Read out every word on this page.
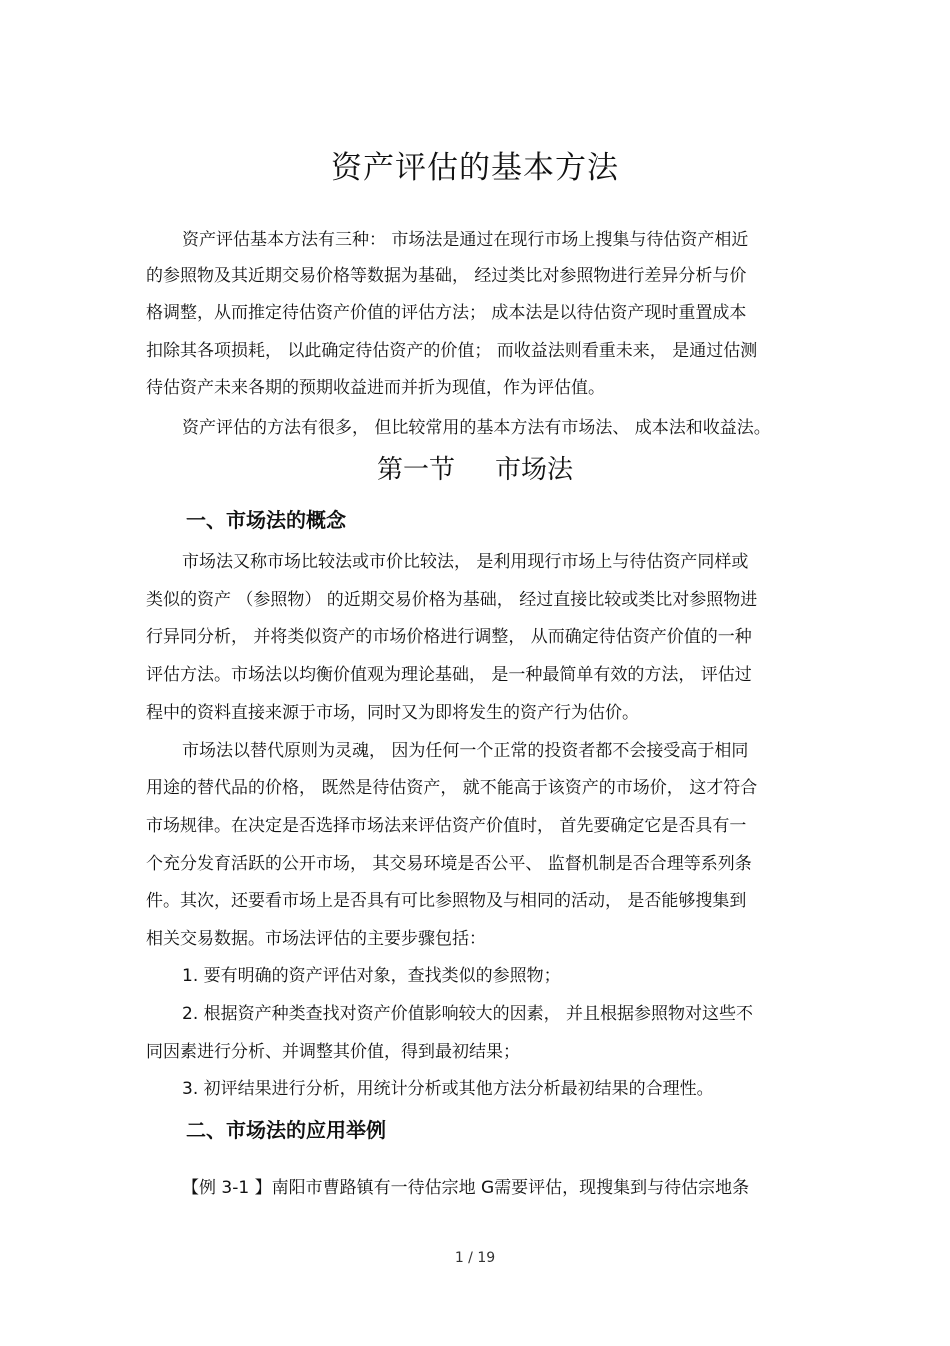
资产评估的基本方法

资产评估基本方法有三种： 市场法是通过在现行市场上搜集与待估资产相近

的参照物及其近期交易价格等数据为基础， 经过类比对参照物进行差异分析与价

格调整，从而推定待估资产价值的评估方法； 成本法是以待估资产现时重置成本

扣除其各项损耗， 以此确定待估资产的价值； 而收益法则看重未来， 是通过估测

待估资产未来各期的预期收益进而并折为现值，作为评估值。

资产评估的方法有很多， 但比较常用的基本方法有市场法、 成本法和收益法。

第一节 市场法
一、市场法的概念

市场法又称市场比较法或市价比较法， 是利用现行市场上与待估资产同样或

类似的资产 （参照物） 的近期交易价格为基础， 经过直接比较或类比对参照物进

行异同分析， 并将类似资产的市场价格进行调整， 从而确定待估资产价值的一种

评估方法。市场法以均衡价值观为理论基础， 是一种最简单有效的方法， 评估过

程中的资料直接来源于市场，同时又为即将发生的资产行为估价。

市场法以替代原则为灵魂， 因为任何一个正常的投资者都不会接受高于相同

用途的替代品的价格， 既然是待估资产， 就不能高于该资产的市场价， 这才符合

市场规律。在决定是否选择市场法来评估资产价值时， 首先要确定它是否具有一

个充分发育活跃的公开市场， 其交易环境是否公平、 监督机制是否合理等系列条

件。其次，还要看市场上是否具有可比参照物及与相同的活动， 是否能够搜集到

相关交易数据。市场法评估的主要步骤包括：

1. 要有明确的资产评估对象，查找类似的参照物；

2. 根据资产种类查找对资产价值影响较大的因素， 并且根据参照物对这些不

同因素进行分析、并调整其价值，得到最初结果；

3. 初评结果进行分析，用统计分析或其他方法分析最初结果的合理性。

二、市场法的应用举例

【例 3-1 】南阳市曹路镇有一待估宗地 G需要评估，现搜集到与待估宗地条

1 / 19
